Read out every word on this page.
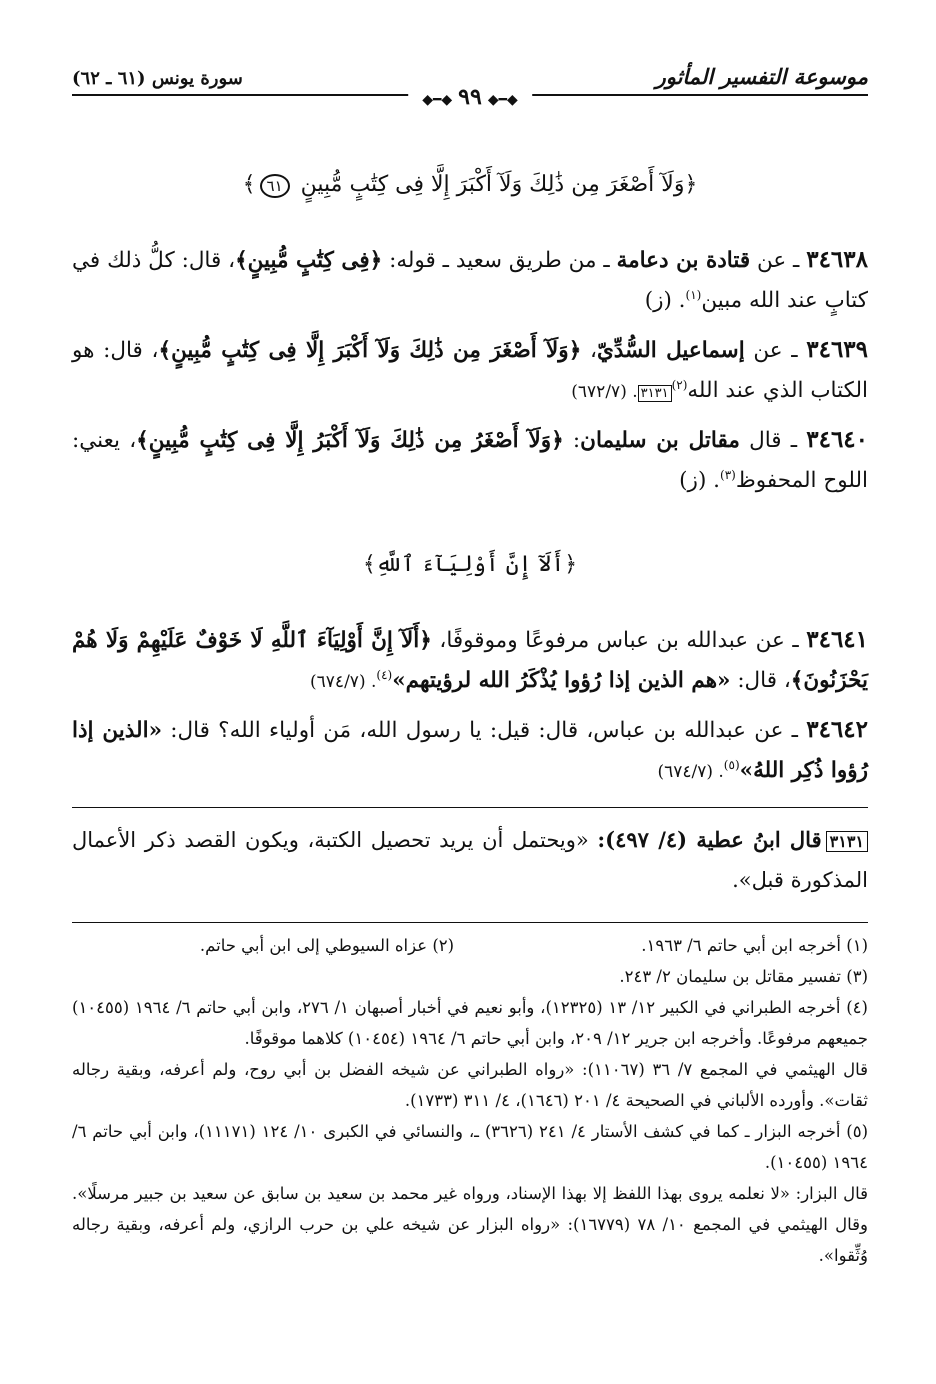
موسوعة التفسير المأثور
سورة يونس (٦١ ـ ٦٢)
◆━◆٩٩◆━◆
﴿وَلَآ أَصْغَرَ مِن ذَٰلِكَ وَلَآ أَكْبَرَ إِلَّا فِى كِتَٰبٍ مُّبِينٍ ٦١﴾
٣٤٦٣٨ ـ عن قتادة بن دعامة ـ من طريق سعيد ـ قوله: ﴿فِى كِتَٰبٍ مُّبِينٍ﴾، قال: كلُّ ذلك في كتابٍ عند الله مبين$^{(١)}$. (ز)
٣٤٦٣٩ ـ عن إسماعيل السُّدِّيّ، ﴿وَلَآ أَصْغَرَ مِن ذَٰلِكَ وَلَآ أَكْبَرَ إِلَّا فِى كِتَٰبٍ مُّبِينٍ﴾، قال: هو الكتاب الذي عند الله$^{(٢)}$٣١٣١. (٦٧٢/٧)
٣٤٦٤٠ ـ قال مقاتل بن سليمان: ﴿وَلَآ أَصْغَرُ مِن ذَٰلِكَ وَلَآ أَكْبَرُ إِلَّا فِى كِتَٰبٍ مُّبِينٍ﴾، يعني: اللوح المحفوظ$^{(٣)}$. (ز)
﴿أَلَآ إِنَّ أَوْلِيَآءَ ٱللَّهِ﴾
٣٤٦٤١ ـ عن عبدالله بن عباس مرفوعًا وموقوفًا، ﴿أَلَآ إِنَّ أَوْلِيَآءَ ٱللَّهِ لَا خَوْفٌ عَلَيْهِمْ وَلَا هُمْ يَحْزَنُونَ﴾، قال: «هم الذين إذا رُؤوا يُذْكَرُ الله لرؤيتهم»$^{(٤)}$. (٦٧٤/٧)
٣٤٦٤٢ ـ عن عبدالله بن عباس، قال: قيل: يا رسول الله، مَن أولياء الله؟ قال: «الذين إذا رُؤوا ذُكِر اللهُ»$^{(٥)}$. (٦٧٤/٧)
٣١٣١قال ابنُ عطية (٤/ ٤٩٧): «ويحتمل أن يريد تحصيل الكتبة، ويكون القصد ذكر الأعمال المذكورة قبل».
(١) أخرجه ابن أبي حاتم ٦/ ١٩٦٣.
(٢) عزاه السيوطي إلى ابن أبي حاتم.
(٣) تفسير مقاتل بن سليمان ٢/ ٢٤٣.
(٤) أخرجه الطبراني في الكبير ١٢/ ١٣ (١٢٣٢٥)، وأبو نعيم في أخبار أصبهان ١/ ٢٧٦، وابن أبي حاتم ٦/ ١٩٦٤ (١٠٤٥٥) جميعهم مرفوعًا. وأخرجه ابن جرير ١٢/ ٢٠٩، وابن أبي حاتم ٦/ ١٩٦٤ (١٠٤٥٤) كلاهما موقوفًا.
قال الهيثمي في المجمع ٧/ ٣٦ (١١٠٦٧): «رواه الطبراني عن شيخه الفضل بن أبي روح، ولم أعرفه، وبقية رجاله ثقات». وأورده الألباني في الصحيحة ٤/ ٢٠١ (١٦٤٦)، ٤/ ٣١١ (١٧٣٣).
(٥) أخرجه البزار ـ كما في كشف الأستار ٤/ ٢٤١ (٣٦٢٦) ـ، والنسائي في الكبرى ١٠/ ١٢٤ (١١١٧١)، وابن أبي حاتم ٦/ ١٩٦٤ (١٠٤٥٥).
قال البزار: «لا نعلمه يروى بهذا اللفظ إلا بهذا الإسناد، ورواه غير محمد بن سعيد بن سابق عن سعيد بن جبير مرسلًا». وقال الهيثمي في المجمع ١٠/ ٧٨ (١٦٧٧٩): «رواه البزار عن شيخه علي بن حرب الرازي، ولم أعرفه، وبقية رجاله وُثِّقوا».
